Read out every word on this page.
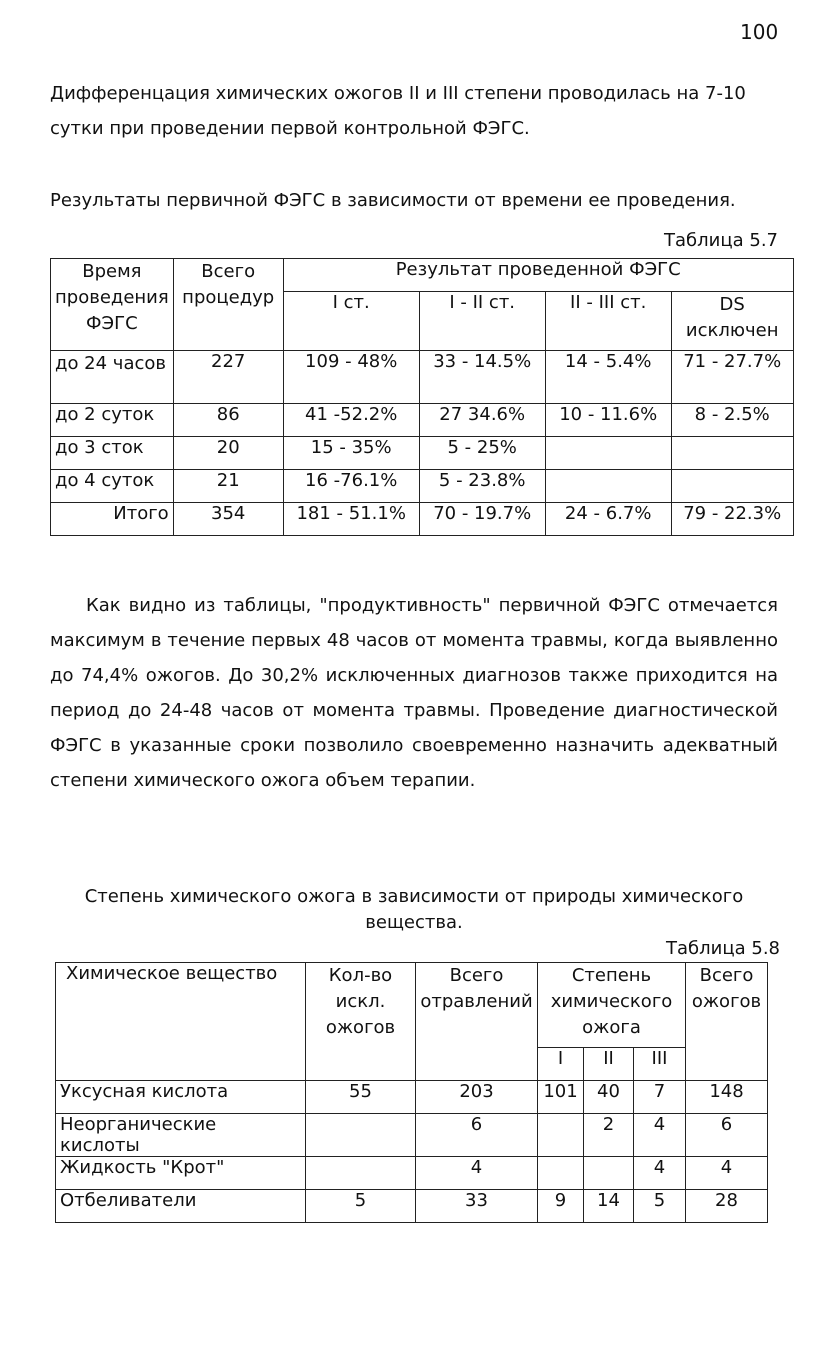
100
Дифференцация химических ожогов II и III степени проводилась на 7-10 сутки при проведении первой контрольной ФЭГС.
Результаты первичной ФЭГС в зависимости от времени ее проведения.
Таблица 5.7
Время проведения ФЭГС	Всего процедур	Результат проведенной ФЭГС			
		I ст.	I - II ст.	II - III ст.	DS исключен
до 24 часов	227	109 - 48%	33 - 14.5%	14 - 5.4%	71 - 27.7%
до 2 суток	86	41 -52.2%	27 34.6%	10 - 11.6%	8 - 2.5%
до 3 сток	20	15 - 35%	5 - 25%		
до 4 суток	21	16 -76.1%	5 - 23.8%		
Итого	354	181 - 51.1%	70 - 19.7%	24 - 6.7%	79 - 22.3%
Как видно из таблицы, "продуктивность" первичной ФЭГС отмечается максимум в течение первых 48 часов от момента травмы, когда выявленно до 74,4% ожогов. До 30,2% исключенных диагнозов также приходится на период до 24-48 часов от момента травмы. Проведение диагностической ФЭГС в указанные сроки позволило своевременно назначить адекватный степени химического ожога объем терапии.
Степень химического ожога в зависимости от природы химического
вещества.
Таблица 5.8
Химическое вещество	Кол-во искл. ожогов	Всего отравлений	Степень химического ожога			Всего ожогов
			I	II	III	
Уксусная кислота	55	203	101	40	7	148
Неорганические кислоты		6		2	4	6
Жидкость "Крот"		4			4	4
Отбеливатели	5	33	9	14	5	28
